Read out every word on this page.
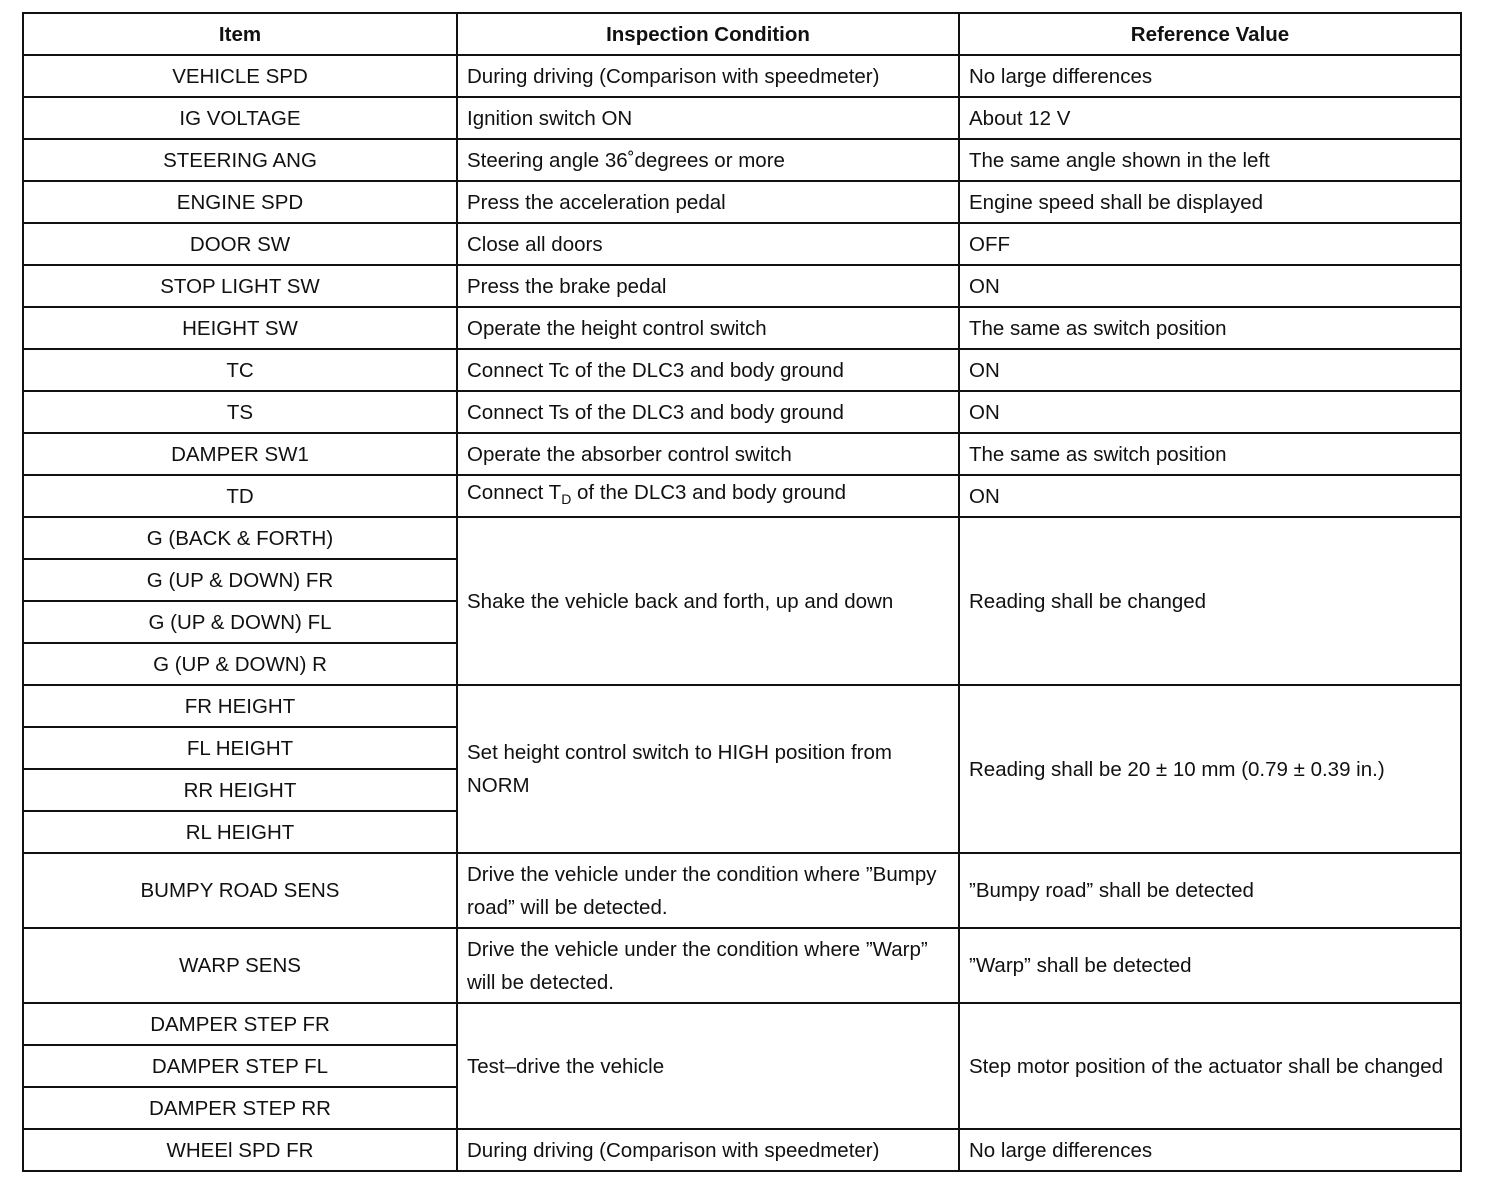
Item	Inspection Condition	Reference Value
VEHICLE SPD	During driving (Comparison with speedmeter)	No large differences
IG VOLTAGE	Ignition switch ON	About 12 V
STEERING ANG	Steering angle 36˚degrees or more	The same angle shown in the left
ENGINE SPD	Press the acceleration pedal	Engine speed shall be displayed
DOOR SW	Close all doors	OFF
STOP LIGHT SW	Press the brake pedal	ON
HEIGHT SW	Operate the height control switch	The same as switch position
TC	Connect Tc of the DLC3 and body ground	ON
TS	Connect Ts of the DLC3 and body ground	ON
DAMPER SW1	Operate the absorber control switch	The same as switch position
TD	Connect $T_D$ of the DLC3 and body ground	ON
G (BACK & FORTH)	Shake the vehicle back and forth, up and down	Reading shall be changed
G (UP & DOWN) FR		
G (UP & DOWN) FL		
G (UP & DOWN) R		
FR HEIGHT	Set height control switch to HIGH position from NORM	Reading shall be 20 ± 10 mm (0.79 ± 0.39 in.)
FL HEIGHT		
RR HEIGHT		
RL HEIGHT		
BUMPY ROAD SENS	Drive the vehicle under the condition where ”Bumpy road” will be detected.	”Bumpy road” shall be detected
WARP SENS	Drive the vehicle under the condition where ”Warp” will be detected.	”Warp” shall be detected
DAMPER STEP FR	Test–drive the vehicle	Step motor position of the actuator shall be changed
DAMPER STEP FL		
DAMPER STEP RR		
WHEEl SPD FR	During driving (Comparison with speedmeter)	No large differences
